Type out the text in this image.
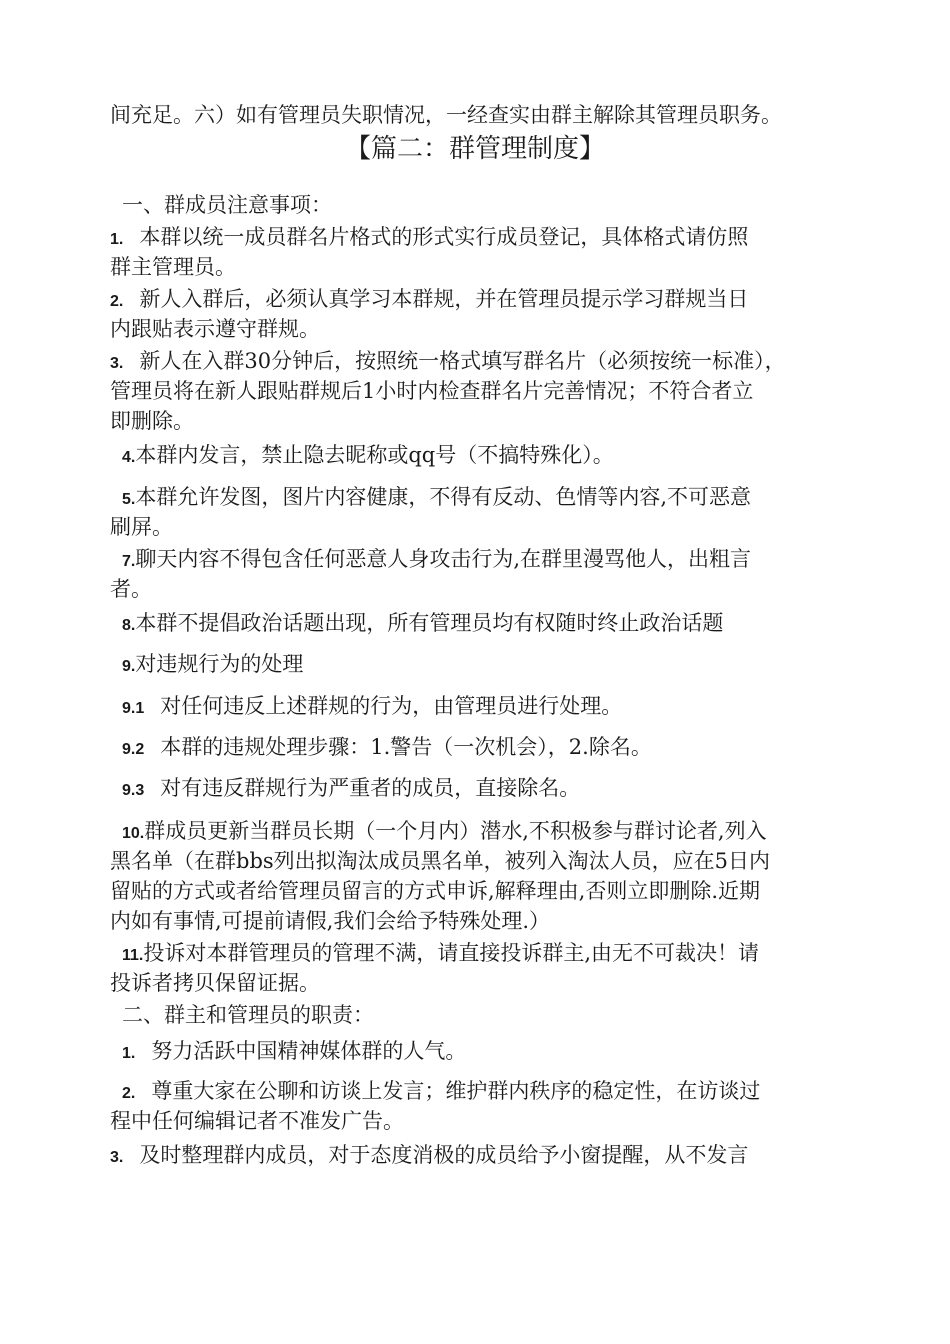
间充足。六）如有管理员失职情况，一经查实由群主解除其管理员职务。
【篇二：群管理制度】
一、群成员注意事项：
1. 本群以统一成员群名片格式的形式实行成员登记，具体格式请仿照
群主管理员。
2. 新人入群后，必须认真学习本群规，并在管理员提示学习群规当日
内跟贴表示遵守群规。
3. 新人在入群30分钟后，按照统一格式填写群名片（必须按统一标准），
管理员将在新人跟贴群规后1小时内检查群名片完善情况；不符合者立
即删除。
4.本群内发言，禁止隐去昵称或qq号（不搞特殊化）。
5.本群允许发图，图片内容健康，不得有反动、色情等内容,不可恶意
刷屏。
7.聊天内容不得包含任何恶意人身攻击行为,在群里漫骂他人，出粗言
者。
8.本群不提倡政治话题出现，所有管理员均有权随时终止政治话题
9.对违规行为的处理
9.1 对任何违反上述群规的行为，由管理员进行处理。
9.2 本群的违规处理步骤：1.警告（一次机会），2.除名。
9.3 对有违反群规行为严重者的成员，直接除名。
10.群成员更新当群员长期（一个月内）潜水,不积极参与群讨论者,列入
黑名单（在群bbs列出拟淘汰成员黑名单，被列入淘汰人员，应在5日内
留贴的方式或者给管理员留言的方式申诉,解释理由,否则立即删除.近期
内如有事情,可提前请假,我们会给予特殊处理.）
11.投诉对本群管理员的管理不满，请直接投诉群主,由无不可裁决！请
投诉者拷贝保留证据。
二、群主和管理员的职责：
1. 努力活跃中国精神媒体群的人气。
2. 尊重大家在公聊和访谈上发言；维护群内秩序的稳定性，在访谈过
程中任何编辑记者不准发广告。
3. 及时整理群内成员，对于态度消极的成员给予小窗提醒，从不发言
